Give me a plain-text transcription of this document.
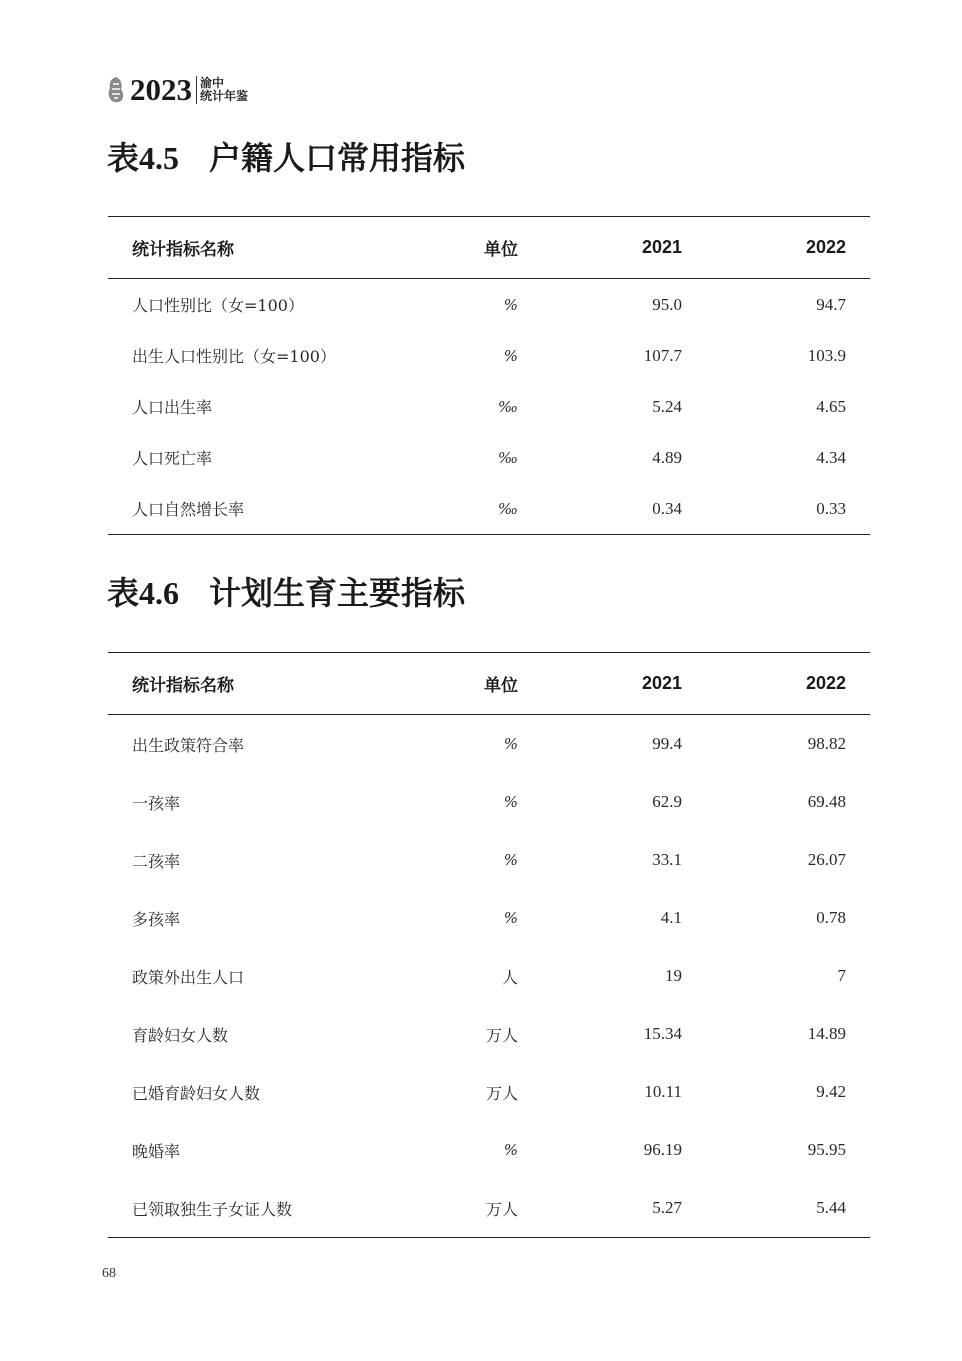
2023 渝中
统计年鉴
表4.5 户籍人口常用指标
统计指标名称	单位	2021	2022
人口性别比（女=100）	%	95.0	94.7
出生人口性别比（女=100）	%	107.7	103.9
人口出生率	‰	5.24	4.65
人口死亡率	‰	4.89	4.34
人口自然增长率	‰	0.34	0.33
表4.6 计划生育主要指标
统计指标名称	单位	2021	2022
出生政策符合率	%	99.4	98.82
一孩率	%	62.9	69.48
二孩率	%	33.1	26.07
多孩率	%	4.1	0.78
政策外出生人口	人	19	7
育龄妇女人数	万人	15.34	14.89
已婚育龄妇女人数	万人	10.11	9.42
晚婚率	%	96.19	95.95
已领取独生子女证人数	万人	5.27	5.44
68
